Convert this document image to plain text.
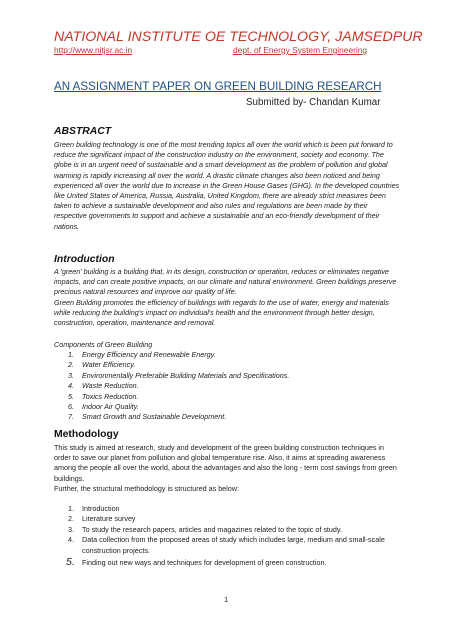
NATIONAL INSTITUTE OE TECHNOLOGY, JAMSEDPUR
http://www.nitjsr.ac.in	dept. of Energy System Engineering
AN ASSIGNMENT PAPER ON GREEN BUILDING RESEARCH
Submitted by- Chandan Kumar
ABSTRACT

Green building technology is one of the most trending topics all over the world which is been put forward to reduce the significant impact of the construction industry on the environment, society and economy. The globe is in an urgent need of sustainable and a smart development as the problem of pollution and global warming is rapidly increasing all over the world. A drastic climate changes also been noticed and being experienced all over the world due to increase in the Green House Gases (GHG). In the developed countries like United States of America, Russia, Australia, United Kingdom, there are already strict measures been taken to achieve a sustainable development and also rules and regulations are been made by their respective governments to support and achieve a sustainable and an eco-friendly development of their nations.

Introduction

A 'green' building is a building that, in its design, construction or operation, reduces or eliminates negative impacts, and can create positive impacts, on our climate and natural environment. Green buildings preserve precious natural resources and improve our quality of life.

Green Building promotes the efficiency of buildings with regards to the use of water, energy and materials while reducing the building's impact on individual's health and the environment through better design, construction, operation, maintenance and removal.

Components of Green Building
1. Energy Efficiency and Renewable Energy.
2. Water Efficiency.
3. Environmentally Preferable Building Materials and Specifications.
4. Waste Reduction.
5. Toxics Reduction.
6. Indoor Air Quality.
7. Smart Growth and Sustainable Development.
Methodology

This study is aimed at research, study and development of the green building construction techniques in order to save our planet from pollution and global temperature rise. Also, it aims at spreading awareness among the people all over the world, about the advantages and also the long - term cost savings from green buildings.

Further, the structural methodology is structured as below:

1. Introduction
2. Literature survey
3. To study the research papers, articles and magazines related to the topic of study.
4. Data collection from the proposed areas of study which includes large, medium and small-scale construction projects.
5. Finding out new ways and techniques for development of green construction.
1
